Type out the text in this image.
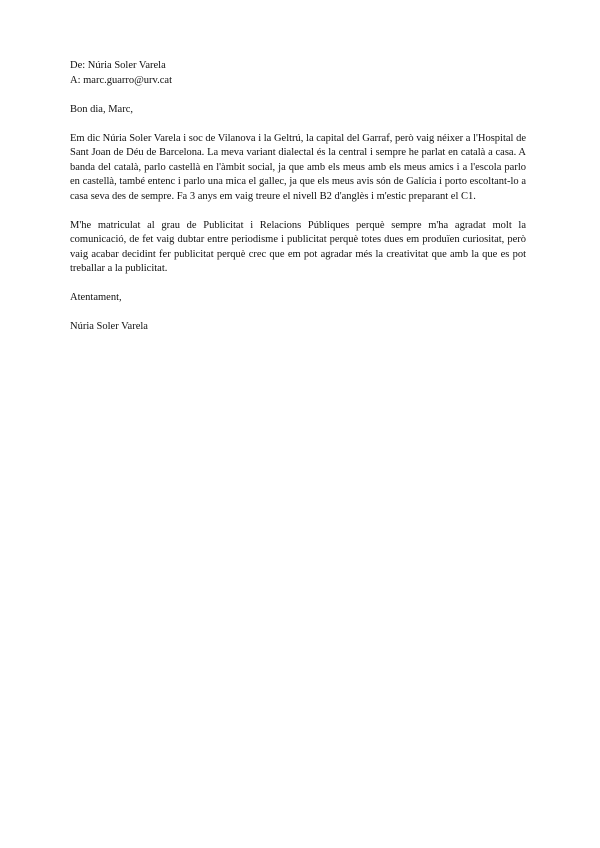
De: Núria Soler Varela

A: marc.guarro@urv.cat

Bon dia, Marc,

Em dic Núria Soler Varela i soc de Vilanova i la Geltrú, la capital del Garraf, però vaig néixer a l'Hospital de Sant Joan de Déu de Barcelona. La meva variant dialectal és la central i sempre he parlat en català a casa. A banda del català, parlo castellà en l'àmbit social, ja que amb els meus amb els meus amics i a l'escola parlo en castellà, també entenc i parlo una mica el gallec, ja que els meus avis són de Galícia i porto escoltant-lo a casa seva des de sempre. Fa 3 anys em vaig treure el nivell B2 d'anglès i m'estic preparant el C1.

M'he matriculat al grau de Publicitat i Relacions Públiques perquè sempre m'ha agradat molt la comunicació, de fet vaig dubtar entre periodisme i publicitat perquè totes dues em produïen curiositat, però vaig acabar decidint fer publicitat perquè crec que em pot agradar més la creativitat que amb la que es pot treballar a la publicitat.

Atentament,

Núria Soler Varela
